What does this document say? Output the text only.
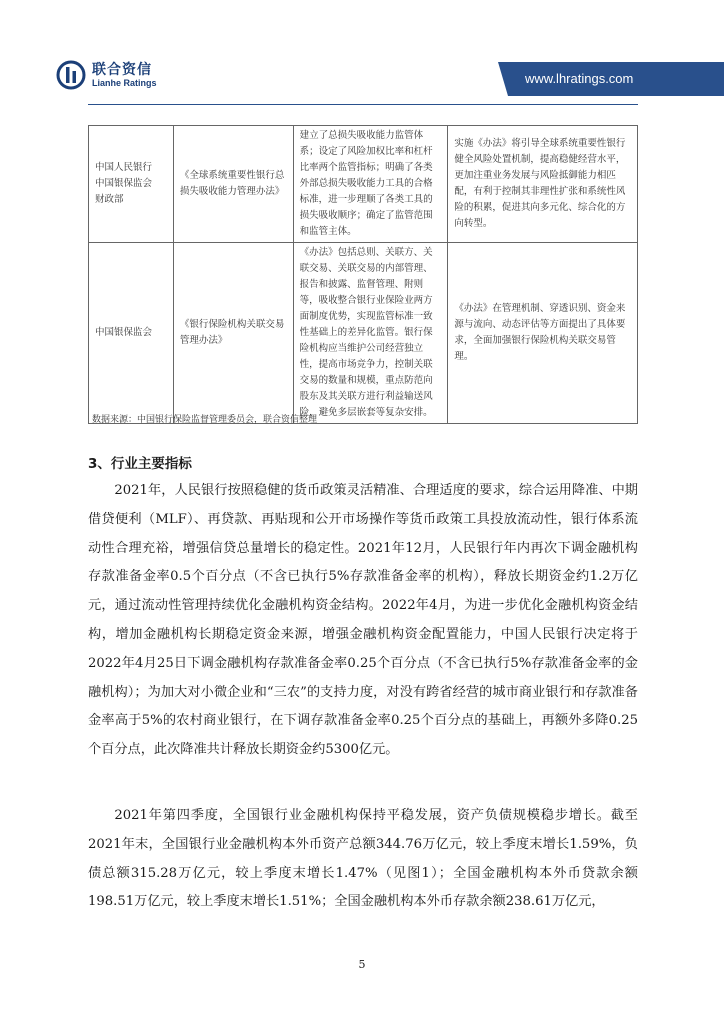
联合资信
Lianhe Ratings	www.lhratings.com
中国人民银行
中国银保监会
财政部	《全球系统重要性银行总损失吸收能力管理办法》	建立了总损失吸收能力监管体系；设定了风险加权比率和杠杆比率两个监管指标；明确了各类外部总损失吸收能力工具的合格标准，进一步理顺了各类工具的损失吸收顺序；确定了监管范围和监管主体。	实施《办法》将引导全球系统重要性银行健全风险处置机制，提高稳健经营水平，更加注重业务发展与风险抵御能力相匹配，有利于控制其非理性扩张和系统性风险的积累，促进其向多元化、综合化的方向转型。
中国银保监会	《银行保险机构关联交易管理办法》	《办法》包括总则、关联方、关联交易、关联交易的内部管理、报告和披露、监督管理、附则等，吸收整合银行业保险业两方面制度优势，实现监管标准一致性基础上的差异化监管。银行保险机构应当维护公司经营独立性，提高市场竞争力，控制关联交易的数量和规模，重点防范向股东及其关联方进行利益输送风险，避免多层嵌套等复杂安排。	《办法》在管理机制、穿透识别、资金来源与流向、动态评估等方面提出了具体要求，全面加强银行保险机构关联交易管理。
数据来源：中国银行保险监督管理委员会，联合资信整理
3、行业主要指标

2021年，人民银行按照稳健的货币政策灵活精准、合理适度的要求，综合运用降准、中期借贷便利（MLF）、再贷款、再贴现和公开市场操作等货币政策工具投放流动性，银行体系流动性合理充裕，增强信贷总量增长的稳定性。2021年12月，人民银行年内再次下调金融机构存款准备金率0.5个百分点（不含已执行5%存款准备金率的机构），释放长期资金约1.2万亿元，通过流动性管理持续优化金融机构资金结构。2022年4月，为进一步优化金融机构资金结构，增加金融机构长期稳定资金来源，增强金融机构资金配置能力，中国人民银行决定将于2022年4月25日下调金融机构存款准备金率0.25个百分点（不含已执行5%存款准备金率的金融机构）；为加大对小微企业和“三农”的支持力度，对没有跨省经营的城市商业银行和存款准备金率高于5%的农村商业银行，在下调存款准备金率0.25个百分点的基础上，再额外多降0.25个百分点，此次降准共计释放长期资金约5300亿元。

2021年第四季度，全国银行业金融机构保持平稳发展，资产负债规模稳步增长。截至2021年末，全国银行业金融机构本外币资产总额344.76万亿元，较上季度末增长1.59%，负债总额315.28万亿元，较上季度末增长1.47%（见图1）；全国金融机构本外币贷款余额198.51万亿元，较上季度末增长1.51%；全国金融机构本外币存款余额238.61万亿元，

5
